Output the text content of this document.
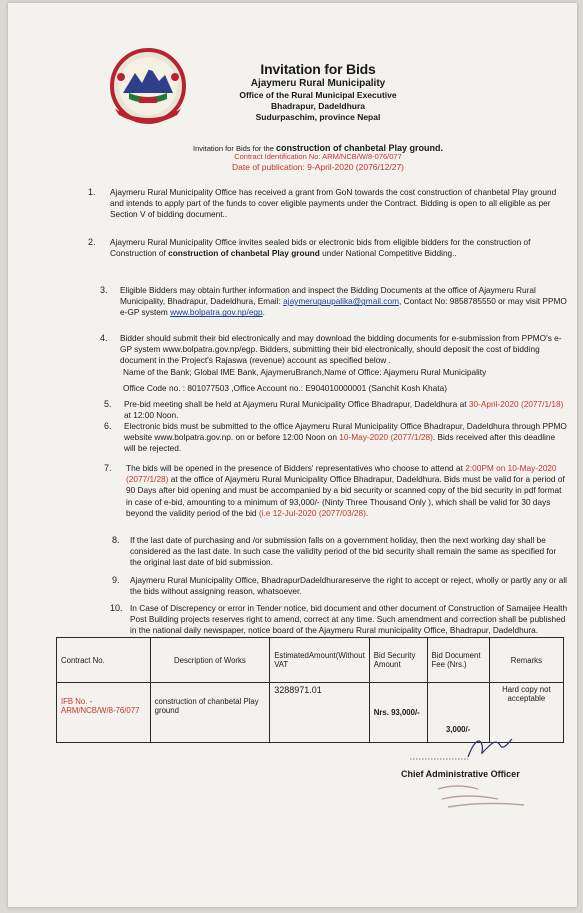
Invitation for Bids
Ajaymeru Rural Municipality
Office of the Rural Municipal Executive
Bhadrapur, Dadeldhura
Sudurpaschim, province Nepal
Invitation for Bids for the construction of chanbetal Play ground.
Contract Identification No: ARM/NCB/W/8-076/077
Date of publication: 9-April-2020 (2076/12/27)
1. Ajaymeru Rural Municipality Office has received a grant from GoN towards the cost construction of chanbetal Play ground and intends to apply part of the funds to cover eligible payments under the Contract. Bidding is open to all eligible as per Section V of bidding document..
2. Ajaymeru Rural Municipality Office invites sealed bids or electronic bids from eligible bidders for the construction of Construction of construction of chanbetal Play ground under National Competitive Bidding..
3. Eligible Bidders may obtain further information and inspect the Bidding Documents at the office of Ajaymeru Rural Municipality, Bhadrapur, Dadeldhura, Email: ajaymerugaupalika@gmail.com, Contact No: 9858785550 or may visit PPMO e-GP system www.bolpatra.gov.np/egp.
4. Bidder should submit their bid electronically and may download the bidding documents for e-submission from PPMO's e-GP system www.bolpatra.gov.np/egp. Bidders, submitting their bid electronically, should deposit the cost of bidding document in the Project's Rajaswa (revenue) account as specified below .
Name of the Bank; Global IME Bank, AjaymeruBranch,Name of Office: Ajaymeru Rural Municipality
Office Code no. : 801077503 ,Office Account no.: E904010000001 (Sanchit Kosh Khata)
5. Pre-bid meeting shall be held at Ajaymeru Rural Municipality Office Bhadrapur, Dadeldhura at 30-April-2020 (2077/1/18) at 12:00 Noon.
6. Electronic bids must be submitted to the office Ajaymeru Rural Municipality Office Bhadrapur, Dadeldhura through PPMO website www.bolpatra.gov.np. on or before 12:00 Noon on 10-May-2020 (2077/1/28). Bids received after this deadline will be rejected.
7. The bids will be opened in the presence of Bidders' representatives who choose to attend at 2:00PM on 10-May-2020 (2077/1/28) at the office of Ajaymeru Rural Municipality Office Bhadrapur, Dadeldhura. Bids must be valid for a period of 90 Days after bid opening and must be accompanied by a bid security or scanned copy of the bid security in pdf format in case of e-bid, amounting to a minimum of 93,000/- (Ninty Three Thousand Only ), which shall be valid for 30 days beyond the validity period of the bid (i.e 12-Jul-2020 (2077/03/28).
8. If the last date of purchasing and /or submission falls on a government holiday, then the next working day shall be considered as the last date. In such case the validity period of the bid security shall remain the same as specified for the original last date of bid submission.
9. Ajaymeru Rural Municipality Office, BhadrapurDadeldhurareserve the right to accept or reject, wholly or partly any or all the bids without assigning reason, whatsoever.
10. In Case of Discrepency or error in Tender notice, bid document and other document of Construction of Samaijee Health Post Building projects reserves right to amend, correct at any time. Such amendment and correction shall be published in the national daily newspaper, notice board of the Ajaymeru Rural municipality Office, Bhadrapur, Dadeldhura.
Contract No.	Description of Works	EstimatedAmount(Without VAT	Bid Security Amount	Bid Document Fee (Nrs.)	Remarks
IFB No. - ARM/NCB/W/8-76/077	construction of chanbetal Play ground	3288971.01	Nrs. 93,000/-	3,000/-	Hard copy not acceptable
Chief Administrative Officer
